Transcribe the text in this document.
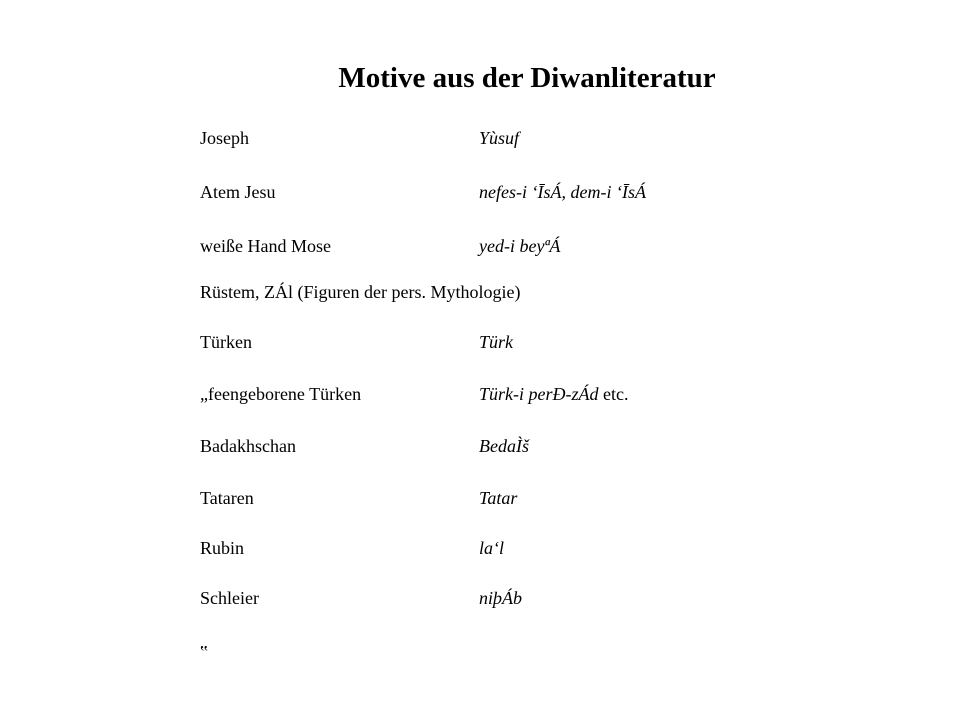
Motive aus der Diwanliteratur
Joseph	Yùsuf
Atem Jesu	nefes-i ‘ĪsÁ, dem-i ‘ĪsÁ
weiße Hand Mose	yed-i beyªÁ
Rüstem, ZÁl (Figuren der pers. Mythologie)
Türken	Türk
„feengeborene Türken	Türk-i perÐ-zÁd etc.
Badakhschan	BedaÌš
Tataren	Tatar
Rubin	la‘l
Schleier	niþÁb
‟
